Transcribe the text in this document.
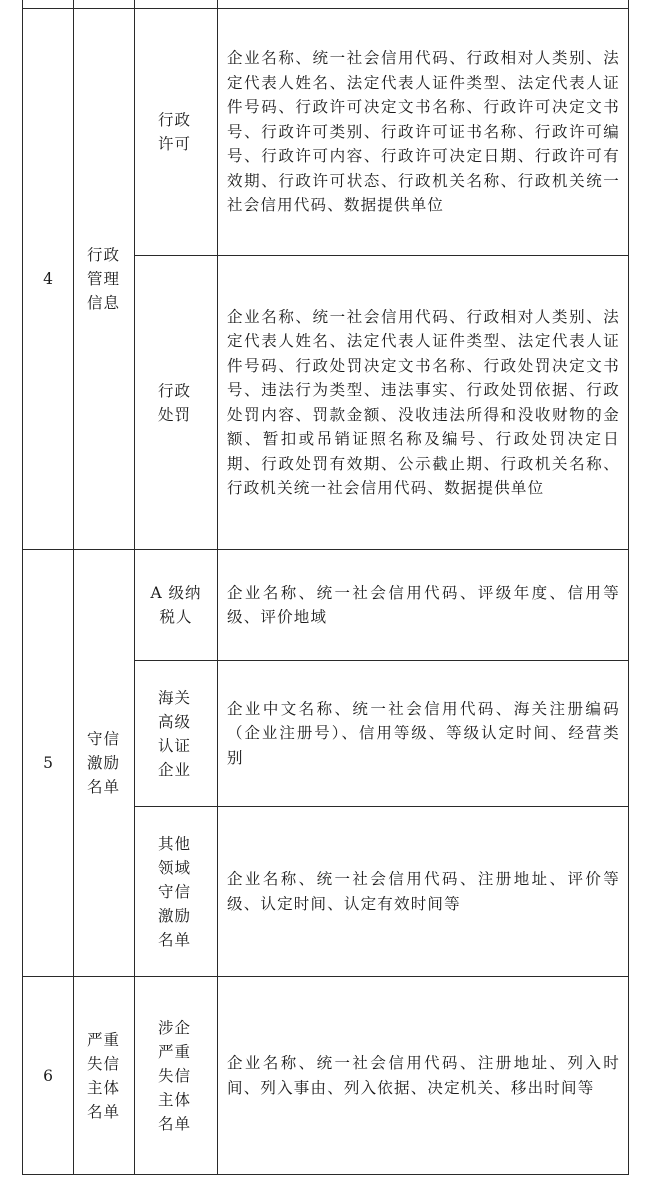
4	行政管理信息	行政许可	企业名称、统一社会信用代码、行政相对人类别、法定代表人姓名、法定代表人证件类型、法定代表人证件号码、行政许可决定文书名称、行政许可决定文书号、行政许可类别、行政许可证书名称、行政许可编号、行政许可内容、行政许可决定日期、行政许可有效期、行政许可状态、行政机关名称、行政机关统一社会信用代码、数据提供单位

		行政处罚	企业名称、统一社会信用代码、行政相对人类别、法定代表人姓名、法定代表人证件类型、法定代表人证件号码、行政处罚决定文书名称、行政处罚决定文书号、违法行为类型、违法事实、行政处罚依据、行政处罚内容、罚款金额、没收违法所得和没收财物的金额、暂扣或吊销证照名称及编号、行政处罚决定日期、行政处罚有效期、公示截止期、行政机关名称、行政机关统一社会信用代码、数据提供单位

5	守信激励名单	A 级纳税人	企业名称、统一社会信用代码、评级年度、信用等级、评价地域

		海关高级认证企业	企业中文名称、统一社会信用代码、海关注册编码（企业注册号）、信用等级、等级认定时间、经营类别

		其他领域守信激励名单	企业名称、统一社会信用代码、注册地址、评价等级、认定时间、认定有效时间等

6	严重失信主体名单	涉企严重失信主体名单	企业名称、统一社会信用代码、注册地址、列入时间、列入事由、列入依据、决定机关、移出时间等
